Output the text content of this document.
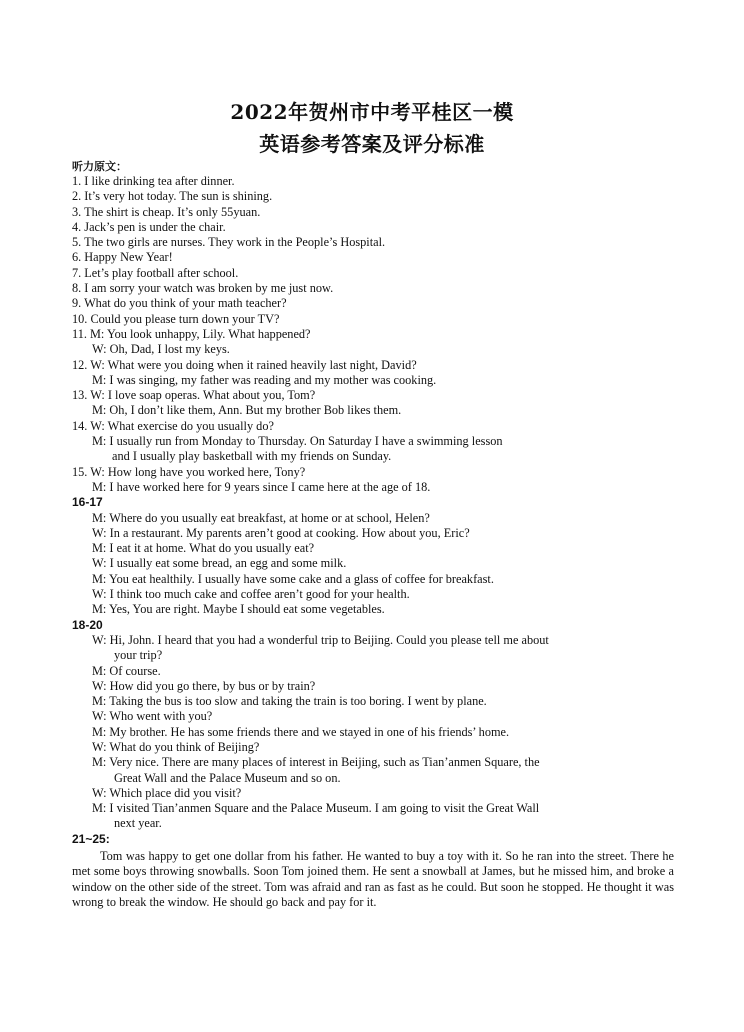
2022年贺州市中考平桂区一模
英语参考答案及评分标准
听力原文：
1. I like drinking tea after dinner.
2. It’s very hot today. The sun is shining.
3. The shirt is cheap. It’s only 55yuan.
4. Jack’s pen is under the chair.
5. The two girls are nurses. They work in the People’s Hospital.
6. Happy New Year!
7. Let’s play football after school.
8. I am sorry your watch was broken by me just now.
9. What do you think of your math teacher?
10. Could you please turn down your TV?
11. M: You look unhappy, Lily. What happened?
W: Oh, Dad, I lost my keys.
12. W: What were you doing when it rained heavily last night, David?
M: I was singing, my father was reading and my mother was cooking.
13. W: I love soap operas. What about you, Tom?
M: Oh, I don’t like them, Ann. But my brother Bob likes them.
14. W: What exercise do you usually do?
M: I usually run from Monday to Thursday. On Saturday I have a swimming lesson
and I usually play basketball with my friends on Sunday.
15. W: How long have you worked here, Tony?
M: I have worked here for 9 years since I came here at the age of 18.
16-17
M: Where do you usually eat breakfast, at home or at school, Helen?
W: In a restaurant. My parents aren’t good at cooking. How about you, Eric?
M: I eat it at home. What do you usually eat?
W: I usually eat some bread, an egg and some milk.
M: You eat healthily. I usually have some cake and a glass of coffee for breakfast.
W: I think too much cake and coffee aren’t good for your health.
M: Yes, You are right. Maybe I should eat some vegetables.
18-20
W: Hi, John. I heard that you had a wonderful trip to Beijing. Could you please tell me about
your trip?
M: Of course.
W: How did you go there, by bus or by train?
M: Taking the bus is too slow and taking the train is too boring. I went by plane.
W: Who went with you?
M: My brother. He has some friends there and we stayed in one of his friends’ home.
W: What do you think of Beijing?
M: Very nice. There are many places of interest in Beijing, such as Tian’anmen Square, the
Great Wall and the Palace Museum and so on.
W: Which place did you visit?
M: I visited Tian’anmen Square and the Palace Museum. I am going to visit the Great Wall
next year.
21~25:
Tom was happy to get one dollar from his father. He wanted to buy a toy with it. So he ran into the street. There he met some boys throwing snowballs. Soon Tom joined them. He sent a snowball at James, but he missed him, and broke a window on the other side of the street. Tom was afraid and ran as fast as he could. But soon he stopped. He thought it was wrong to break the window. He should go back and pay for it.
